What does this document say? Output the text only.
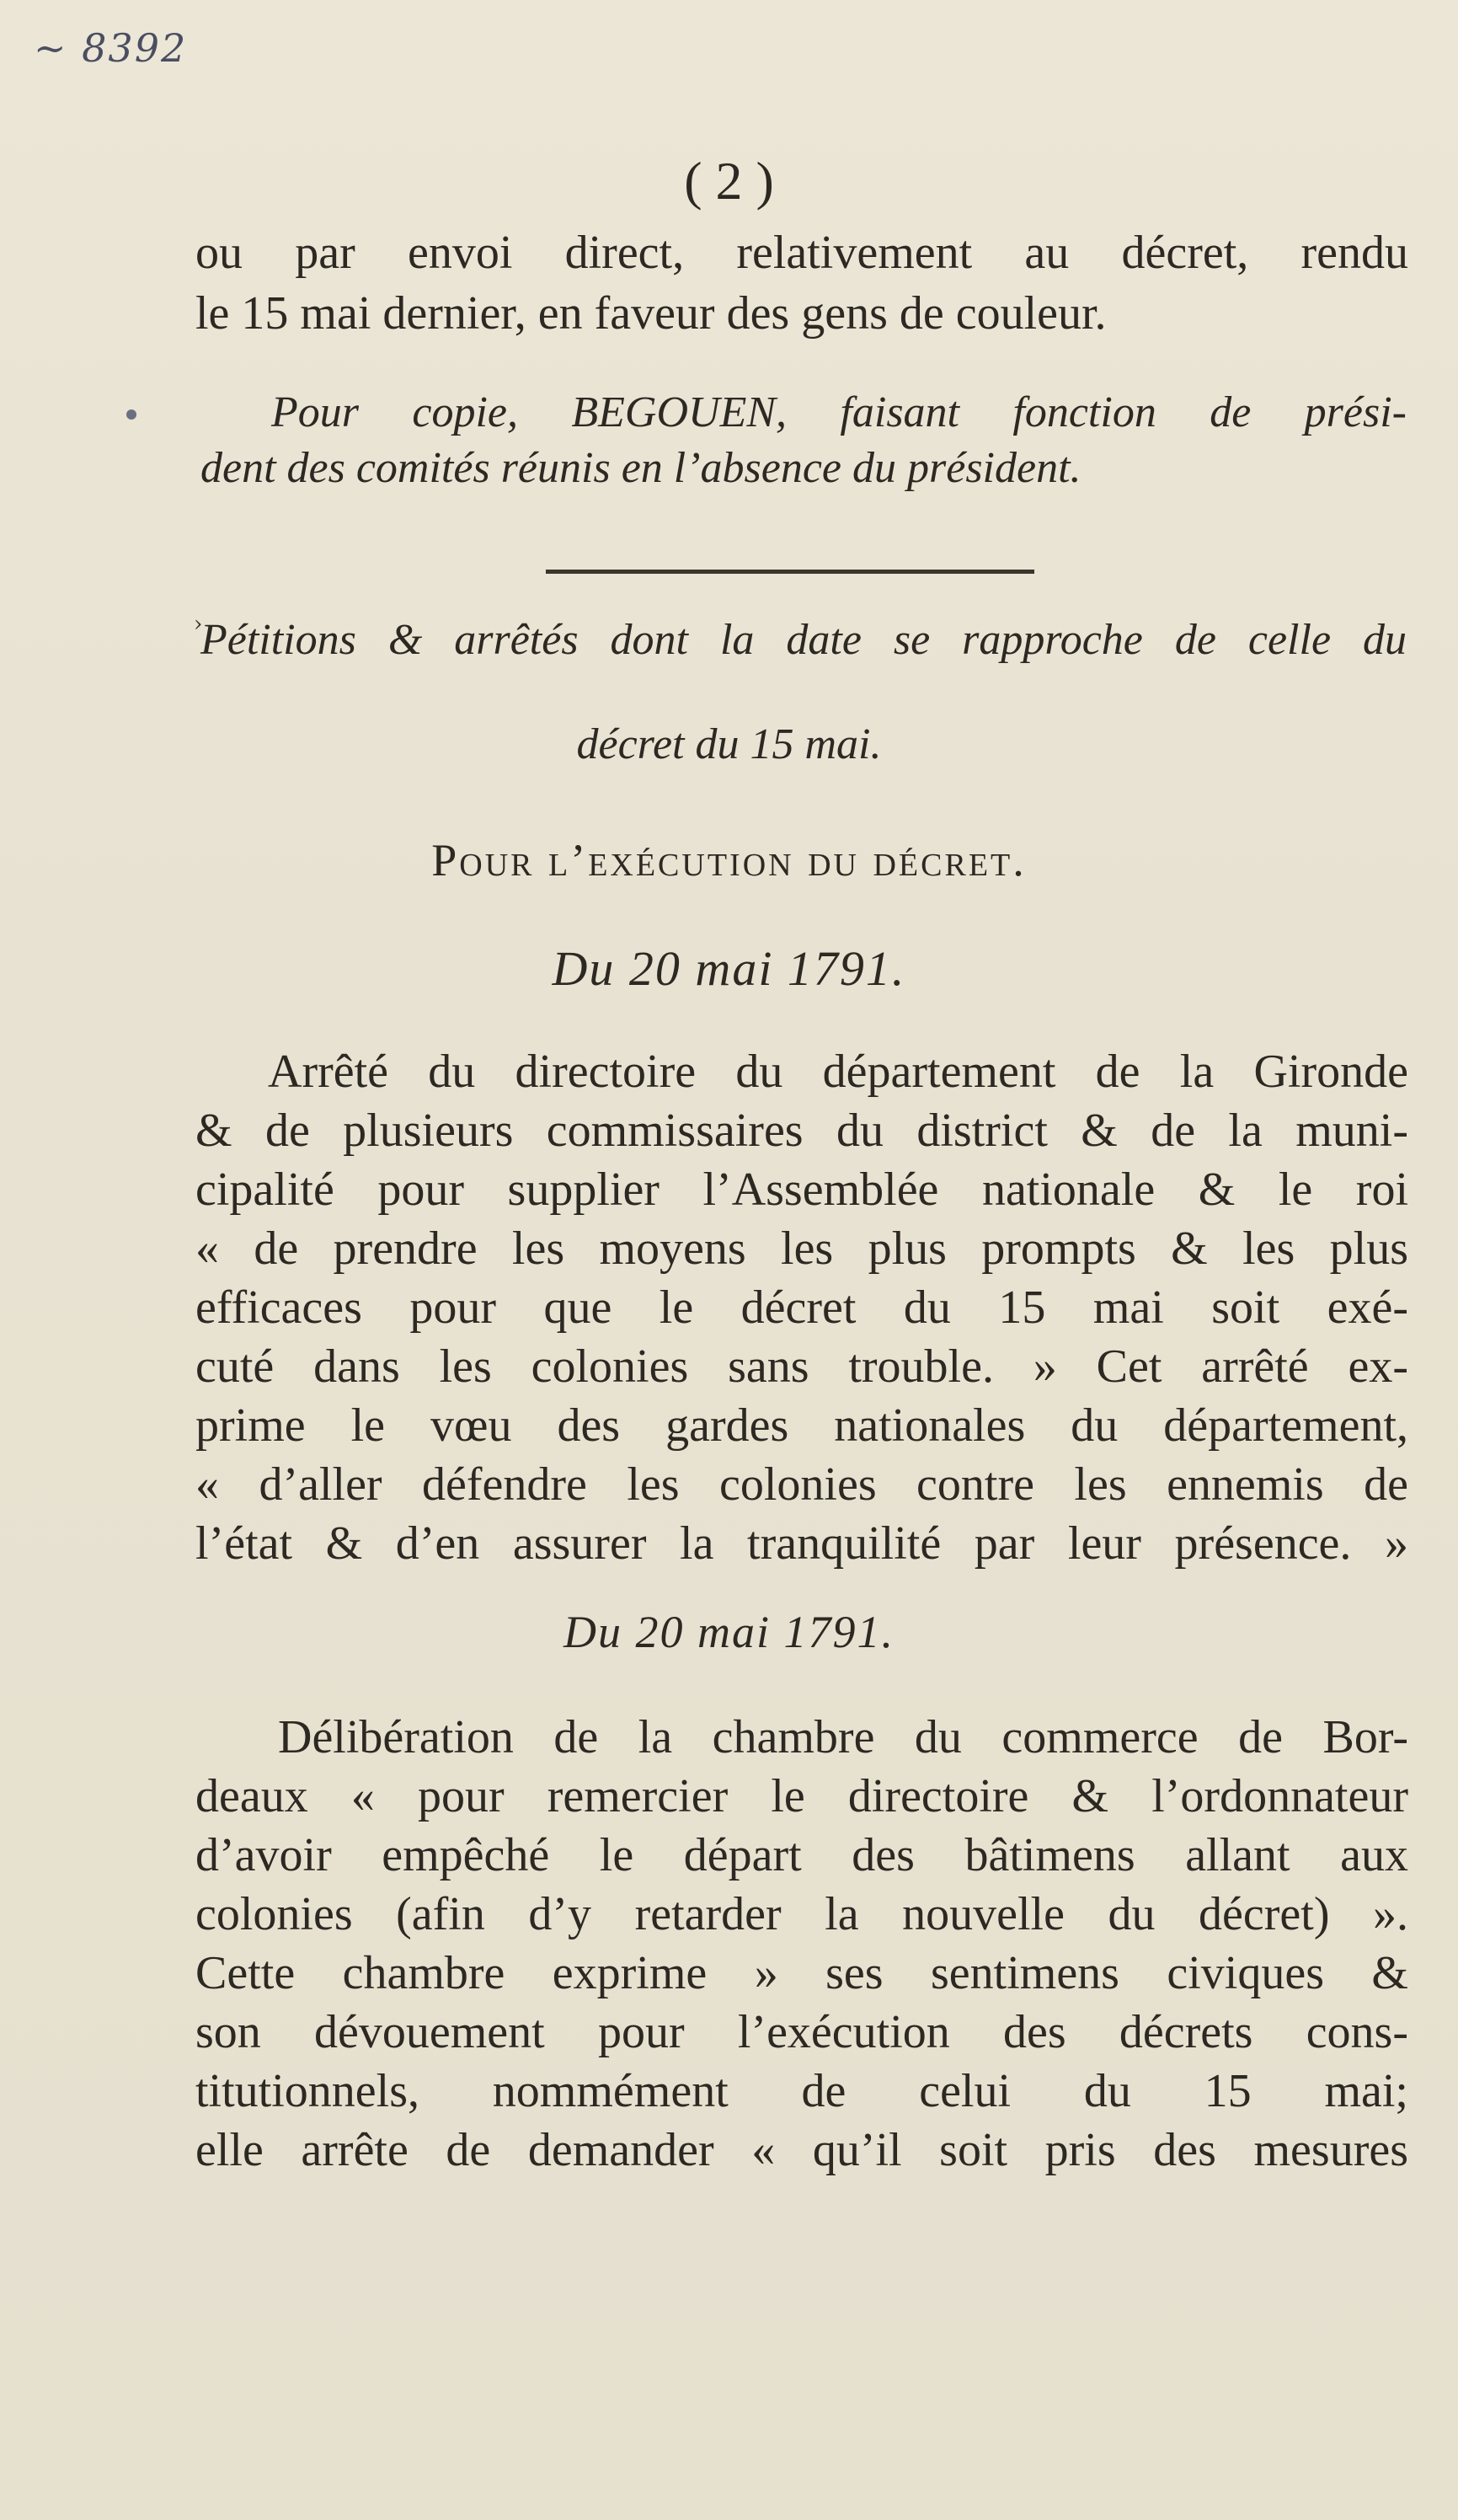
~ 8392
( 2 )
ou par envoi direct, relativement au décret, rendu
le 15 mai dernier, en faveur des gens de couleur.
Pour copie, BEGOUEN, faisant fonction de prési-
dent des comités réunis en l’absence du président.
›
Pétitions & arrêtés dont la date se rapproche de celle du
décret du 15 mai.
Pour l’exécution du décret.
Du 20 mai 1791.
Arrêté du directoire du département de la Gironde
& de plusieurs commissaires du district & de la muni-
cipalité pour supplier l’Assemblée nationale & le roi
« de prendre les moyens les plus prompts & les plus
efficaces pour que le décret du 15 mai soit exé-
cuté dans les colonies sans trouble. » Cet arrêté ex-
prime le vœu des gardes nationales du département,
« d’aller défendre les colonies contre les ennemis de
l’état & d’en assurer la tranquilité par leur présence. »
Du 20 mai 1791.
Délibération de la chambre du commerce de Bor-
deaux « pour remercier le directoire & l’ordonnateur
d’avoir empêché le départ des bâtimens allant aux
colonies (afin d’y retarder la nouvelle du décret) ».
Cette chambre exprime » ses sentimens civiques &
son dévouement pour l’exécution des décrets cons-
titutionnels, nommément de celui du 15 mai;
elle arrête de demander « qu’il soit pris des mesures
